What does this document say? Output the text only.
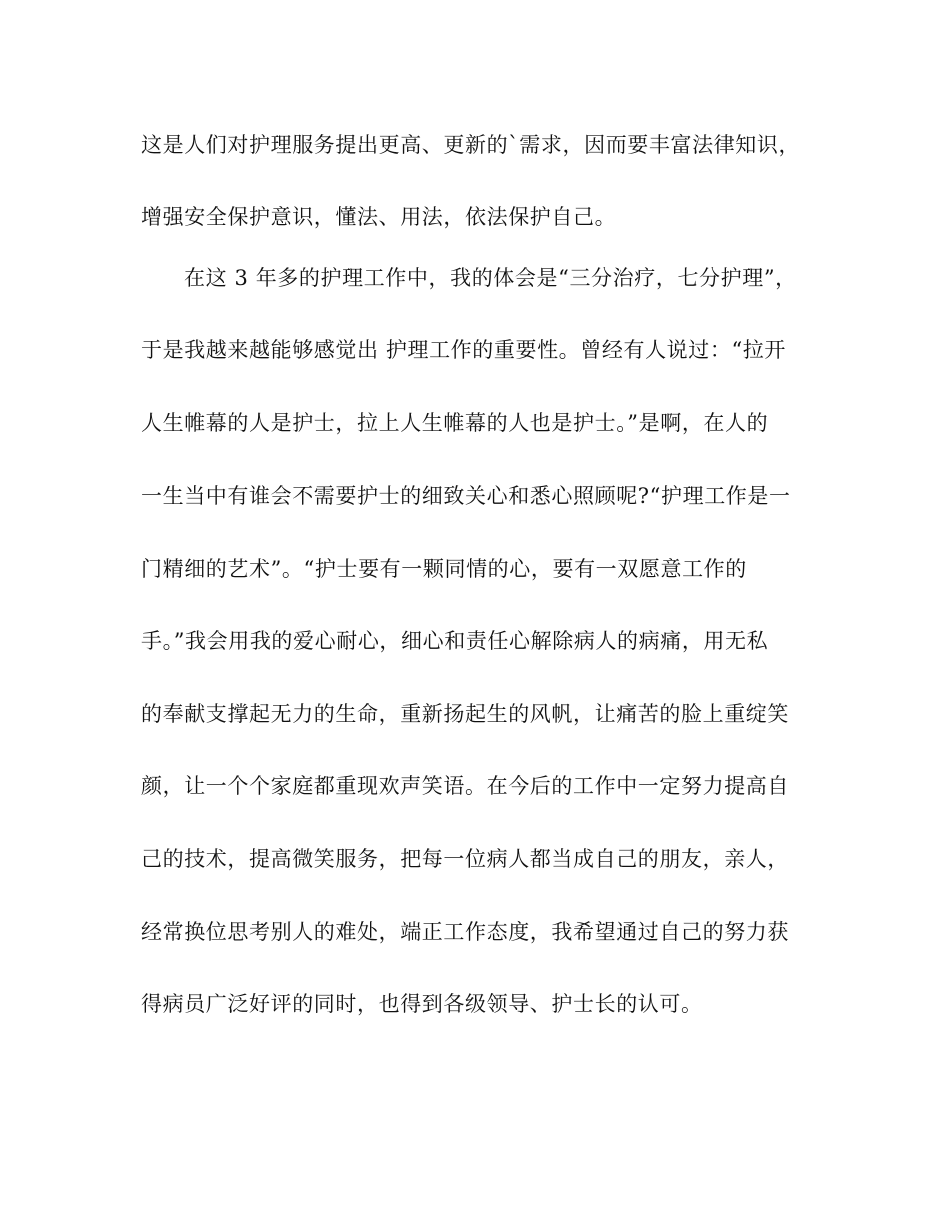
这是人们对护理服务提出更高、更新的`需求，因而要丰富法律知识，
增强安全保护意识，懂法、用法，依法保护自己。
在这 3 年多的护理工作中，我的体会是“三分治疗，七分护理”，
于是我越来越能够感觉出 护理工作的重要性。曾经有人说过：“拉开
人生帷幕的人是护士，拉上人生帷幕的人也是护士。”是啊，在人的
一生当中有谁会不需要护士的细致关心和悉心照顾呢?“护理工作是一
门精细的艺术”。“护士要有一颗同情的心，要有一双愿意工作的
手。”我会用我的爱心耐心，细心和责任心解除病人的病痛，用无私
的奉献支撑起无力的生命，重新扬起生的风帆，让痛苦的脸上重绽笑
颜，让一个个家庭都重现欢声笑语。在今后的工作中一定努力提高自
己的技术，提高微笑服务，把每一位病人都当成自己的朋友，亲人，
经常换位思考别人的难处，端正工作态度，我希望通过自己的努力获
得病员广泛好评的同时，也得到各级领导、护士长的认可。
